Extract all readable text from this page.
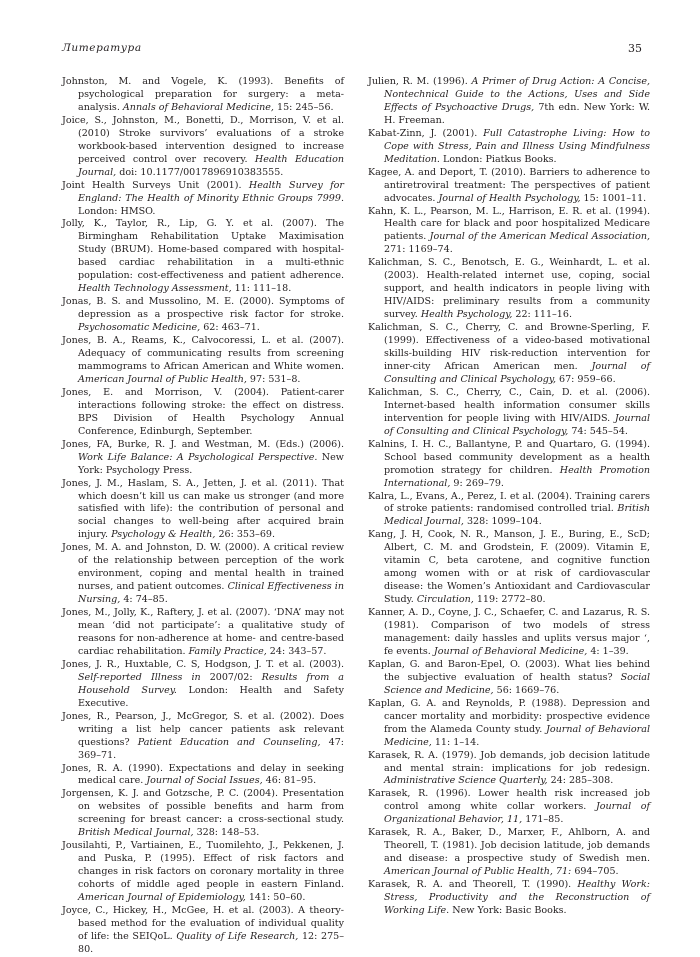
Литература	35
Johnston, M. and Vogele, K. (1993). Benefits of psychological preparation for surgery: a meta-analysis. Annals of Behavioral Medicine, 15: 245–56.
Joice, S., Johnston, M., Bonetti, D., Morrison, V. et al. (2010) Stroke survivors’ evaluations of a stroke workbook-based intervention designed to increase perceived control over recovery. Health Education Journal, doi: 10.1177/0017896910383555.
Joint Health Surveys Unit (2001). Health Survey for England: The Health of Minority Ethnic Groups 7999. London: HMSO.
Jolly, K., Taylor, R., Lip, G. Y. et al. (2007). The Birmingham Rehabilitation Uptake Maximisation Study (BRUM). Home-based compared with hospital-based cardiac rehabilitation in a multi-ethnic population: cost-effectiveness and patient adherence. Health Technology Assessment, 11: 111–18.
Jonas, B. S. and Mussolino, M. E. (2000). Symptoms of depression as a prospective risk factor for stroke. Psychosomatic Medicine, 62: 463–71.
Jones, B. A., Reams, K., Calvocoressi, L. et al. (2007). Adequacy of communicating results from screening mammograms to African American and White women. American Journal of Public Health, 97: 531–8.
Jones, E. and Morrison, V. (2004). Patient-carer interactions following stroke: the effect on distress. BPS Division of Health Psychology Annual Conference, Edinburgh, September.
Jones, FA, Burke, R. J. and Westman, M. (Eds.) (2006). Work Life Balance: A Psychological Perspective. New York: Psychology Press.
Jones, J. M., Haslam, S. A., Jetten, J. et al. (2011). That which doesn’t kill us can make us stronger (and more satisfied with life): the contribution of personal and social changes to well-being after acquired brain injury. Psychology & Health, 26: 353–69.
Jones, M. A. and Johnston, D. W. (2000). A critical review of the relationship between perception of the work environment, coping and mental health in trained nurses, and patient outcomes. Clinical Effectiveness in Nursing, 4: 74–85.
Jones, M., Jolly, K., Raftery, J. et al. (2007). ‘DNA’ may not mean ‘did not participate’: a qualitative study of reasons for non-adherence at home- and centre-based cardiac rehabilitation. Family Practice, 24: 343–57.
Jones, J. R., Huxtable, C. S, Hodgson, J. T. et al. (2003). Self-reported Illness in 2007/02: Results from a Household Survey. London: Health and Safety Executive.
Jones, R., Pearson, J., McGregor, S. et al. (2002). Does writing a list help cancer patients ask relevant questions? Patient Education and Counseling, 47: 369–71.
Jones, R. A. (1990). Expectations and delay in seeking medical care. Journal of Social Issues, 46: 81–95.
Jorgensen, K. J. and Gotzsche, P. C. (2004). Presentation on websites of possible benefits and harm from screening for breast cancer: a cross-sectional study. British Medical Journal, 328: 148–53.
Jousilahti, P., Vartiainen, E., Tuomilehto, J., Pekkenen, J. and Puska, P. (1995). Effect of risk factors and changes in risk factors on coronary mortality in three cohorts of middle aged people in eastern Finland. American Journal of Epidemiology, 141: 50–60.
Joyce, C., Hickey, H., McGee, H. et al. (2003). A theory-based method for the evaluation of individual quality of life: the SEIQoL. Quality of Life Research, 12: 275–80.
Julien, R. M. (1996). A Primer of Drug Action: A Concise, Nontechnical Guide to the Actions, Uses and Side Effects of Psychoactive Drugs, 7th edn. New York: W. H. Freeman.
Kabat-Zinn, J. (2001). Full Catastrophe Living: How to Cope with Stress, Pain and Illness Using Mindfulness Meditation. London: Piatkus Books.
Kagee, A. and Deport, T. (2010). Barriers to adherence to antiretroviral treatment: The perspectives of patient advocates. Journal of Health Psychology, 15: 1001–11.
Kahn, K. L., Pearson, M. L., Harrison, E. R. et al. (1994). Health care for black and poor hospitalized Medicare patients. Journal of the American Medical Association, 271: 1169–74.
Kalichman, S. C., Benotsch, E. G., Weinhardt, L. et al. (2003). Health-related internet use, coping, social support, and health indicators in people living with HIV/AIDS: preliminary results from a community survey. Health Psychology, 22: 111–16.
Kalichman, S. C., Cherry, C. and Browne-Sperling, F. (1999). Effectiveness of a video-based motivational skills-building HIV risk-reduction intervention for inner-city African American men. Journal of Consulting and Clinical Psychology, 67: 959–66.
Kalichman, S. C., Cherry, C., Cain, D. et al. (2006). Internet-based health information consumer skills intervention for people living with HIV/AIDS. Journal of Consulting and Clinical Psychology, 74: 545–54.
Kalnins, I. H. C., Ballantyne, P. and Quartaro, G. (1994). School based community development as a health promotion strategy for children. Health Promotion International, 9: 269–79.
Kalra, L., Evans, A., Perez, I. et al. (2004). Training carers of stroke patients: randomised controlled trial. British Medical Journal, 328: 1099–104.
Kang, J. H, Cook, N. R., Manson, J. E., Buring, E., ScD; Albert, C. M. and Grodstein, F. (2009). Vitamin E, vitamin C, beta carotene, and cognitive function among women with or at risk of cardiovascular disease: the Women’s Antioxidant and Cardiovascular Study. Circulation, 119: 2772–80.
Kanner, A. D., Coyne, J. C., Schaefer, C. and Lazarus, R. S. (1981). Comparison of two models of stress management: daily hassles and uplits versus major ‘, fe events. Journal of Behavioral Medicine, 4: 1–39.
Kaplan, G. and Baron-Epel, O. (2003). What lies behind the subjective evaluation of health status? Social Science and Medicine, 56: 1669–76.
Kaplan, G. A. and Reynolds, P. (1988). Depression and cancer mortality and morbidity: prospective evidence from the Alameda County study. Journal of Behavioral Medicine, 11: 1–14.
Karasek, R. A. (1979). Job demands, job decision latitude and mental strain: implications for job redesign. Administrative Science Quarterly, 24: 285–308.
Karasek, R. (1996). Lower health risk increased job control among white collar workers. Journal of Organizational Behavior, 11, 171–85.
Karasek, R. A., Baker, D., Marxer, F., Ahlborn, A. and Theorell, T. (1981). Job decision latitude, job demands and disease: a prospective study of Swedish men. American Journal of Public Health, 71: 694–705.
Karasek, R. A. and Theorell, T. (1990). Healthy Work: Stress, Productivity and the Reconstruction of Working Life. New York: Basic Books.
